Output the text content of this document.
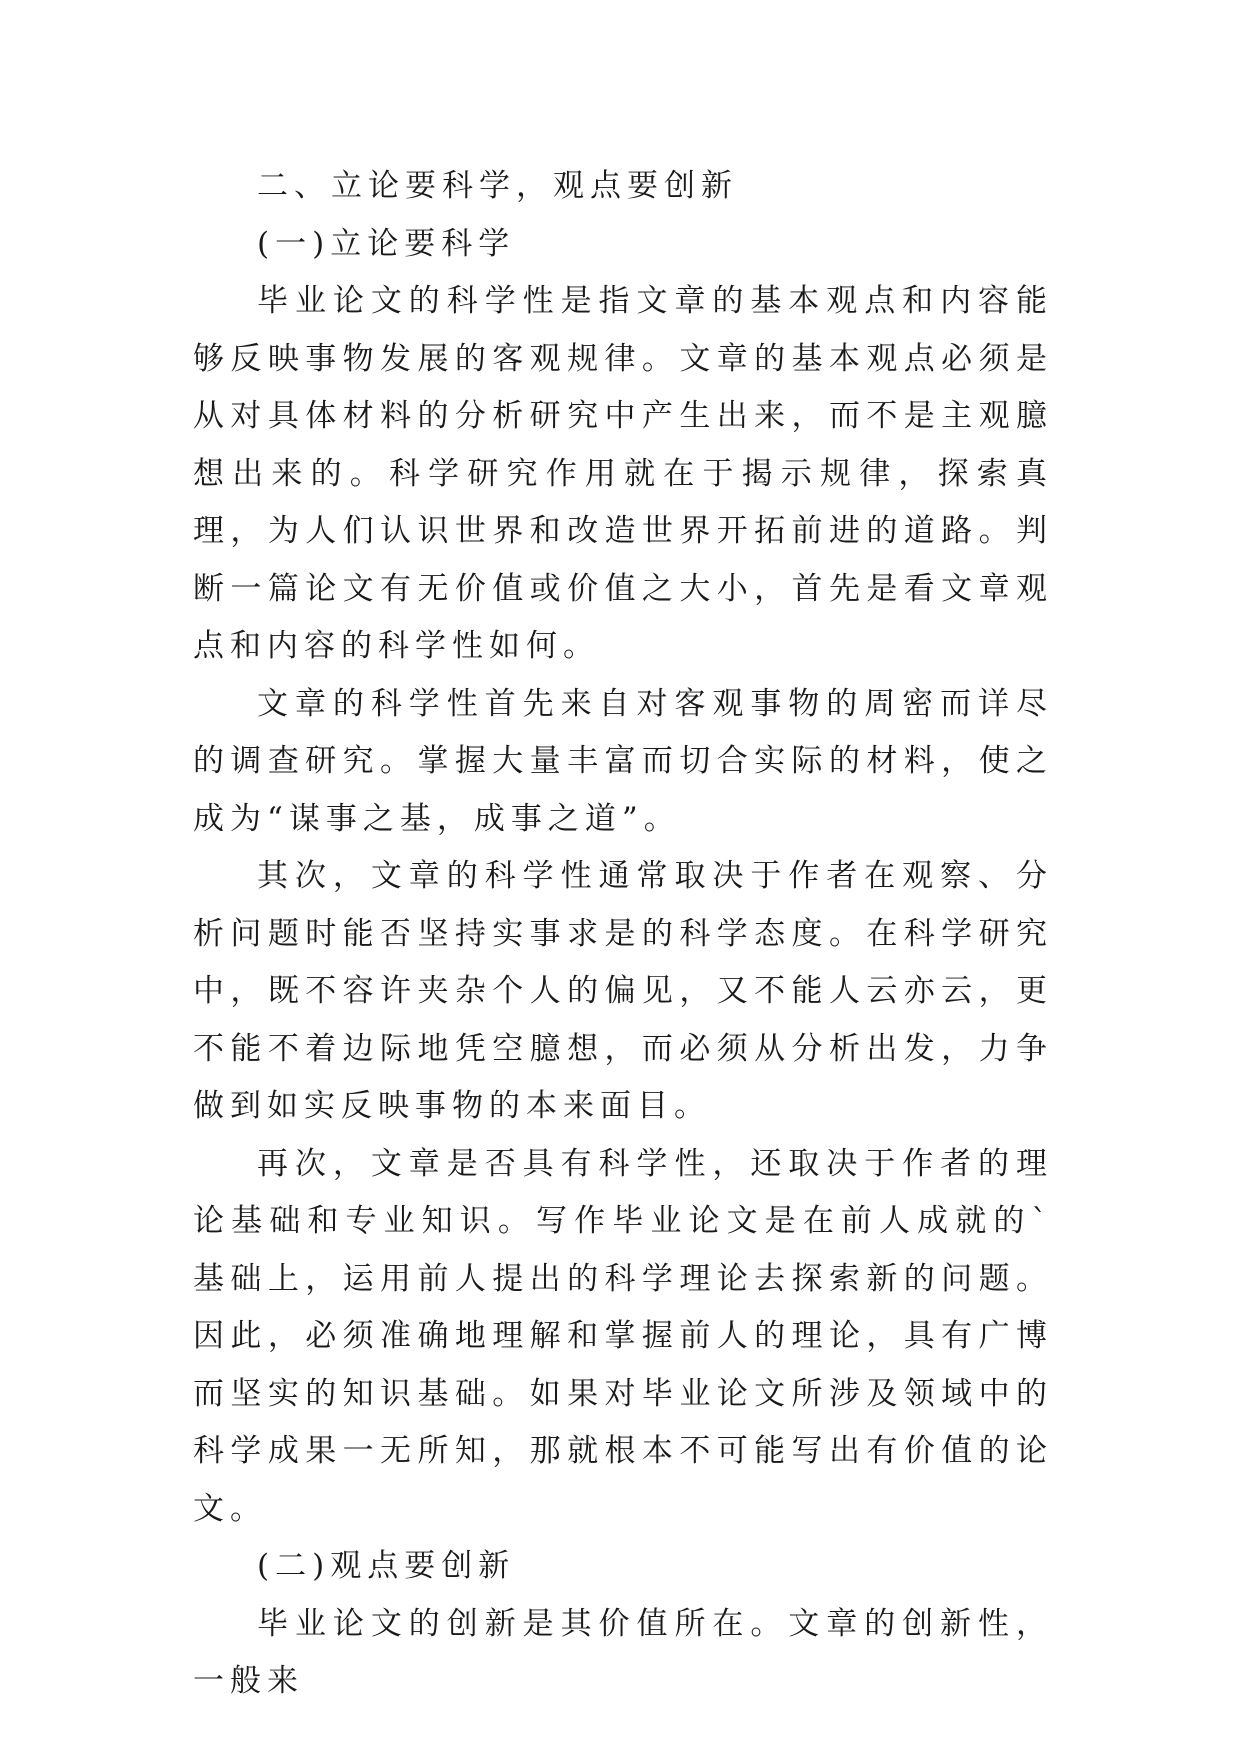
二、立论要科学，观点要创新

(一)立论要科学

毕业论文的科学性是指文章的基本观点和内容能够反映事物发展的客观规律。文章的基本观点必须是从对具体材料的分析研究中产生出来，而不是主观臆想出来的。科学研究作用就在于揭示规律，探索真理，为人们认识世界和改造世界开拓前进的道路。判断一篇论文有无价值或价值之大小，首先是看文章观点和内容的科学性如何。

文章的科学性首先来自对客观事物的周密而详尽的调查研究。掌握大量丰富而切合实际的材料，使之成为“谋事之基，成事之道”。

其次，文章的科学性通常取决于作者在观察、分析问题时能否坚持实事求是的科学态度。在科学研究中，既不容许夹杂个人的偏见，又不能人云亦云，更不能不着边际地凭空臆想，而必须从分析出发，力争做到如实反映事物的本来面目。

再次，文章是否具有科学性，还取决于作者的理论基础和专业知识。写作毕业论文是在前人成就的`基础上，运用前人提出的科学理论去探索新的问题。因此，必须准确地理解和掌握前人的理论，具有广博而坚实的知识基础。如果对毕业论文所涉及领域中的科学成果一无所知，那就根本不可能写出有价值的论文。

(二)观点要创新

毕业论文的创新是其价值所在。文章的创新性，一般来
